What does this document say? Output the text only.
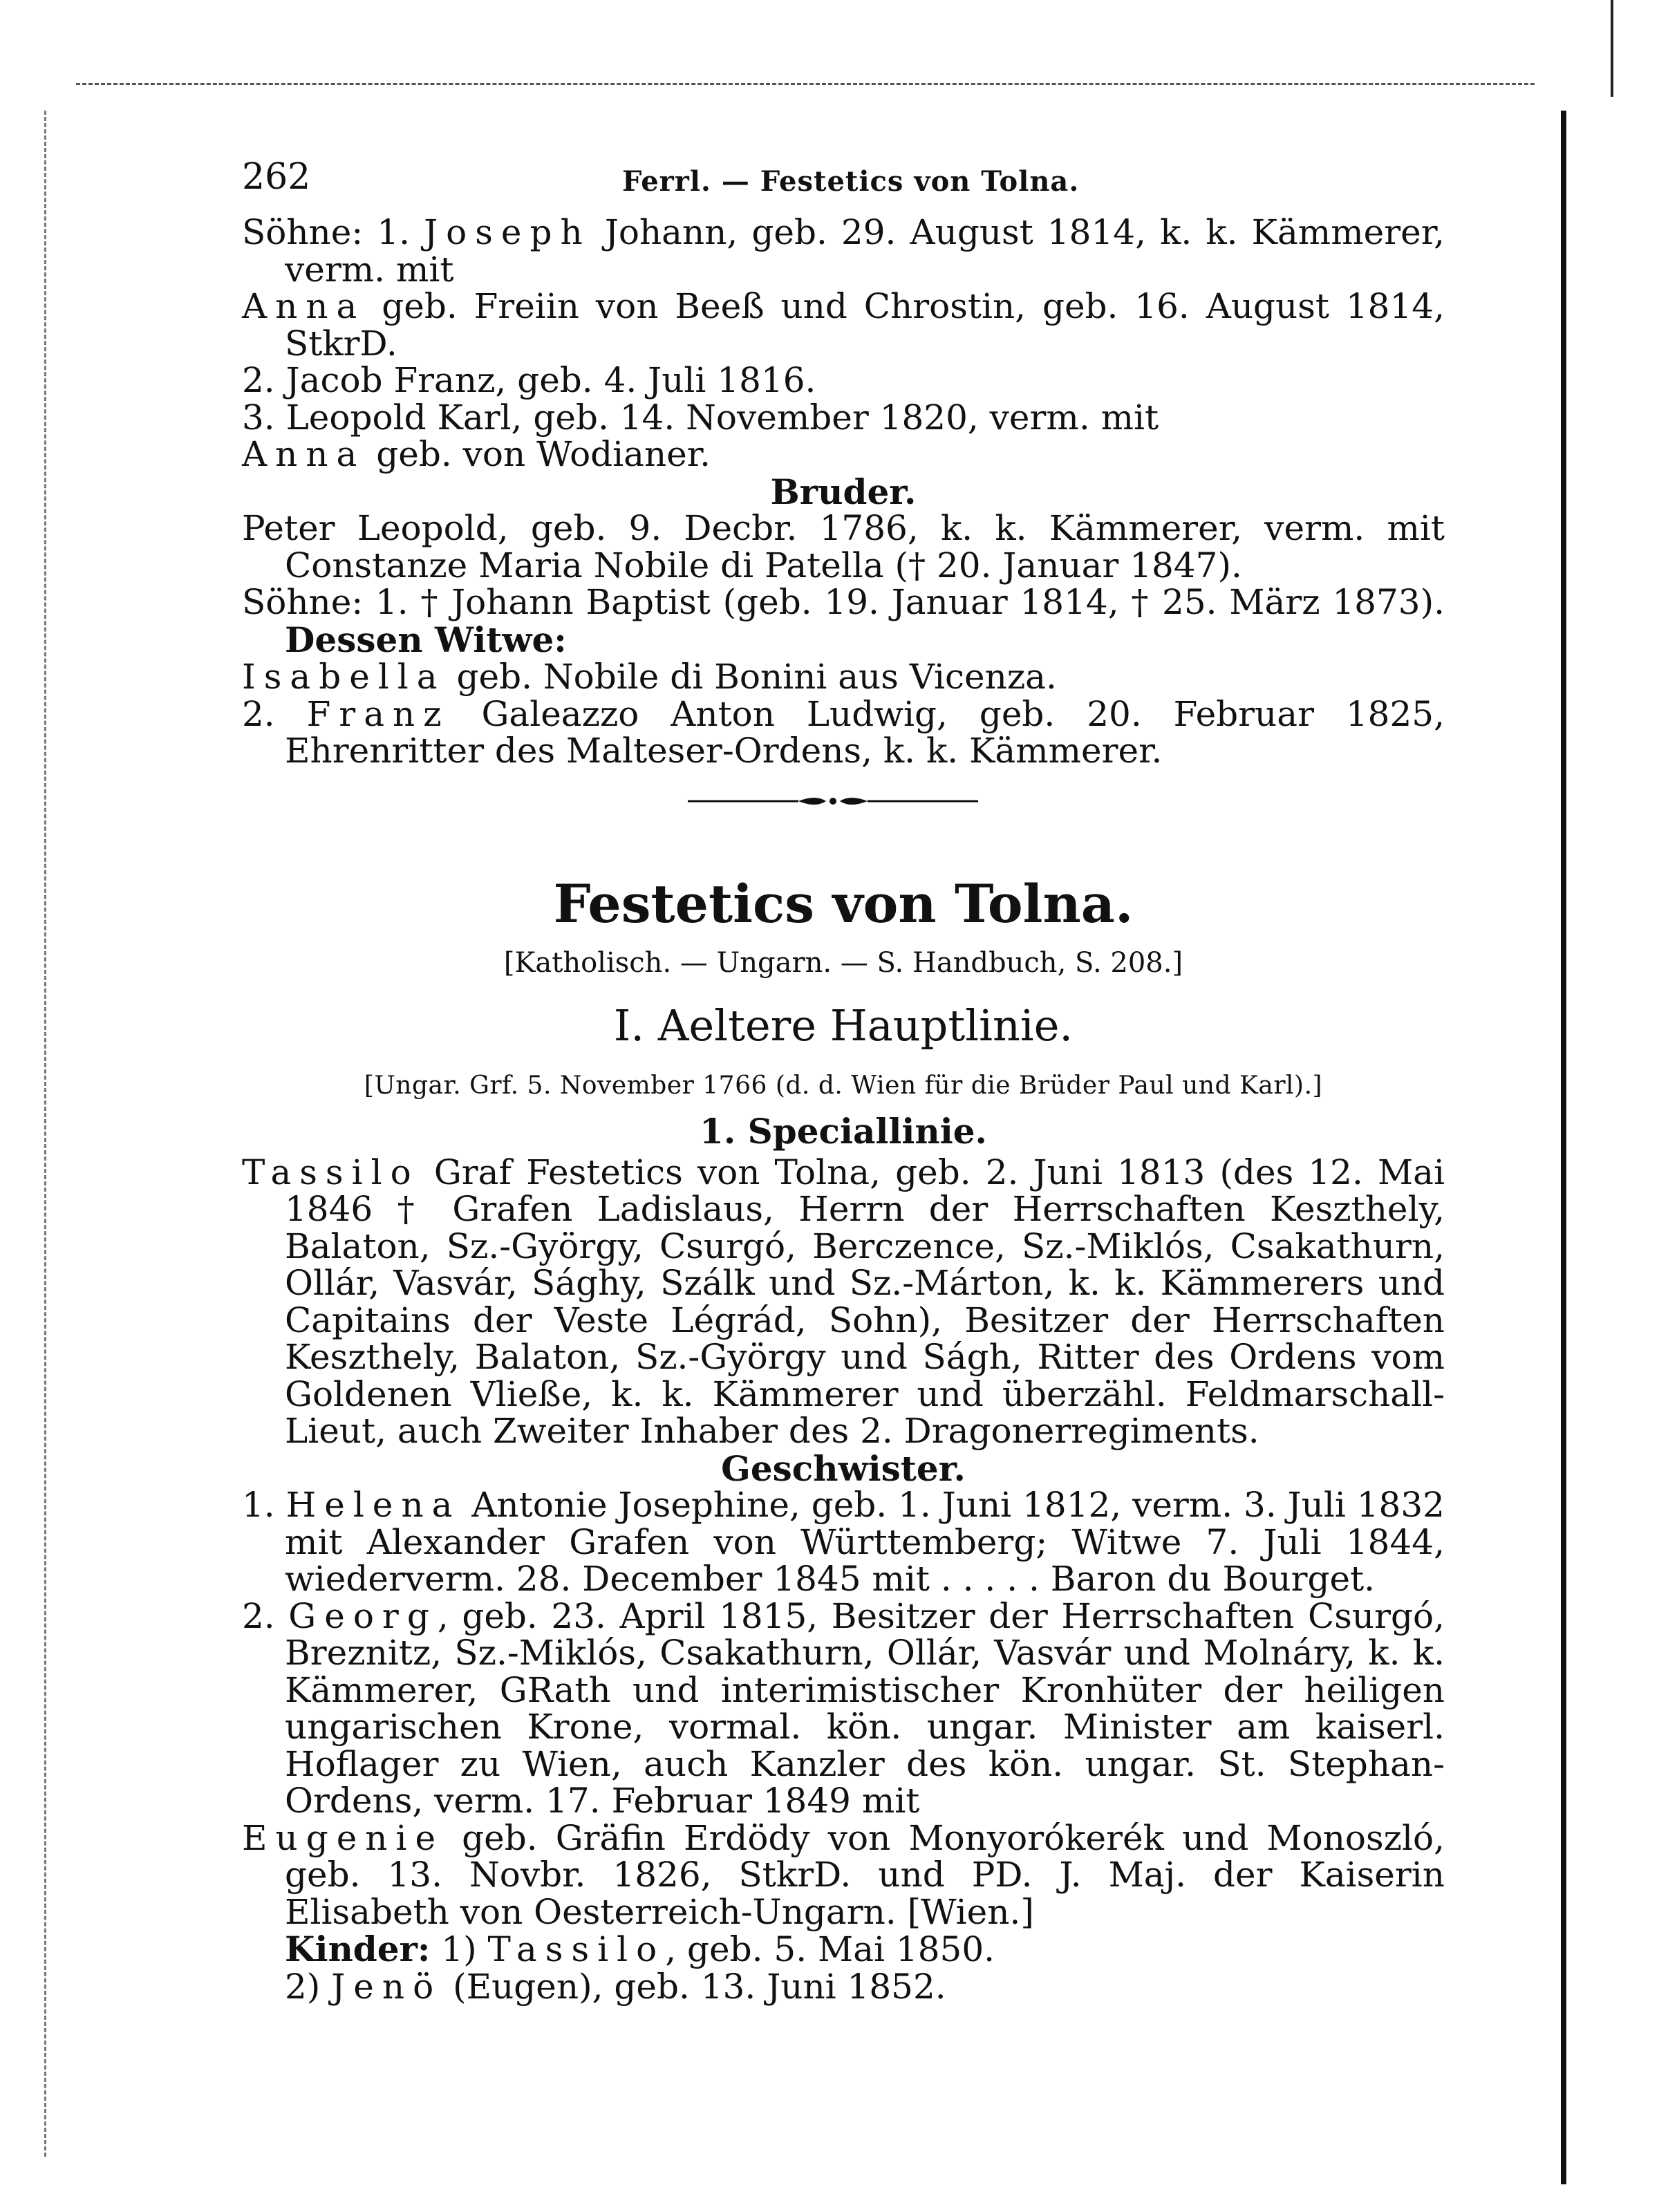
262	Ferrl. — Festetics von Tolna.

Söhne: 1. Joseph Johann, geb. 29. August 1814, k. k. Kämmerer, verm. mit

Anna geb. Freiin von Beeß und Chrostin, geb. 16. August 1814, StkrD.

2. Jacob Franz, geb. 4. Juli 1816.

3. Leopold Karl, geb. 14. November 1820, verm. mit

Anna geb. von Wodianer.

Bruder.

Peter Leopold, geb. 9. Decbr. 1786, k. k. Kämmerer, verm. mit Constanze Maria Nobile di Patella († 20. Januar 1847).

Söhne: 1. † Johann Baptist (geb. 19. Januar 1814, † 25. März 1873). Dessen Witwe:

Isabella geb. Nobile di Bonini aus Vicenza.

2. Franz Galeazzo Anton Ludwig, geb. 20. Februar 1825, Ehrenritter des Malteser-Ordens, k. k. Kämmerer.

Festetics von Tolna.

[Katholisch. — Ungarn. — S. Handbuch, S. 208.]

I. Aeltere Hauptlinie.

[Ungar. Grf. 5. November 1766 (d. d. Wien für die Brüder Paul und Karl).]

1. Speciallinie.

Tassilo Graf Festetics von Tolna, geb. 2. Juni 1813 (des 12. Mai 1846 † Grafen Ladislaus, Herrn der Herrschaften Keszthely, Balaton, Sz.-György, Csurgó, Berczence, Sz.-Miklós, Csakathurn, Ollár, Vasvár, Sághy, Szálk und Sz.-Márton, k. k. Kämmerers und Capitains der Veste Légrád, Sohn), Besitzer der Herrschaften Keszthely, Balaton, Sz.-György und Ságh, Ritter des Ordens vom Goldenen Vließe, k. k. Kämmerer und überzähl. Feldmarschall-Lieut, auch Zweiter Inhaber des 2. Dragonerregiments.

Geschwister.

1. Helena Antonie Josephine, geb. 1. Juni 1812, verm. 3. Juli 1832 mit Alexander Grafen von Württemberg; Witwe 7. Juli 1844, wiederverm. 28. December 1845 mit . . . . . Baron du Bourget.

2. Georg, geb. 23. April 1815, Besitzer der Herrschaften Csurgó, Breznitz, Sz.-Miklós, Csakathurn, Ollár, Vasvár und Molnáry, k. k. Kämmerer, GRath und interimistischer Kronhüter der heiligen ungarischen Krone, vormal. kön. ungar. Minister am kaiserl. Hoflager zu Wien, auch Kanzler des kön. ungar. St. Stephan-Ordens, verm. 17. Februar 1849 mit

Eugenie geb. Gräfin Erdödy von Monyorókerék und Monoszló, geb. 13. Novbr. 1826, StkrD. und PD. J. Maj. der Kaiserin Elisabeth von Oesterreich-Ungarn. [Wien.]

Kinder: 1) Tassilo, geb. 5. Mai 1850.

2) Jenö (Eugen), geb. 13. Juni 1852.
